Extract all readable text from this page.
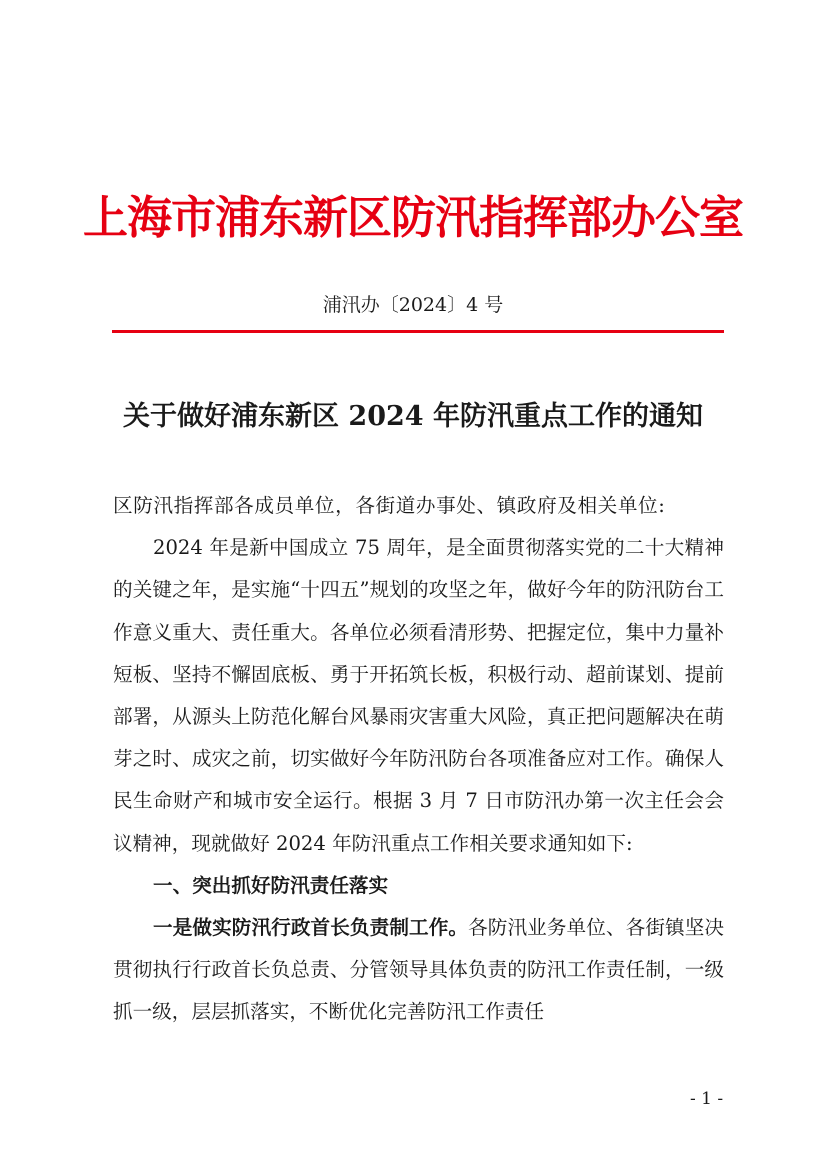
上海市浦东新区防汛指挥部办公室
浦汛办〔2024〕4 号
关于做好浦东新区 2024 年防汛重点工作的通知

区防汛指挥部各成员单位，各街道办事处、镇政府及相关单位:

2024 年是新中国成立 75 周年，是全面贯彻落实党的二十大精神的关键之年，是实施“十四五”规划的攻坚之年，做好今年的防汛防台工作意义重大、责任重大。各单位必须看清形势、把握定位，集中力量补短板、坚持不懈固底板、勇于开拓筑长板，积极行动、超前谋划、提前部署，从源头上防范化解台风暴雨灾害重大风险，真正把问题解决在萌芽之时、成灾之前，切实做好今年防汛防台各项准备应对工作。确保人民生命财产和城市安全运行。根据 3 月 7 日市防汛办第一次主任会会议精神，现就做好 2024 年防汛重点工作相关要求通知如下:

一、突出抓好防汛责任落实

一是做实防汛行政首长负责制工作。各防汛业务单位、各街镇坚决贯彻执行行政首长负总责、分管领导具体负责的防汛工作责任制，一级抓一级，层层抓落实，不断优化完善防汛工作责任

- 1 -
